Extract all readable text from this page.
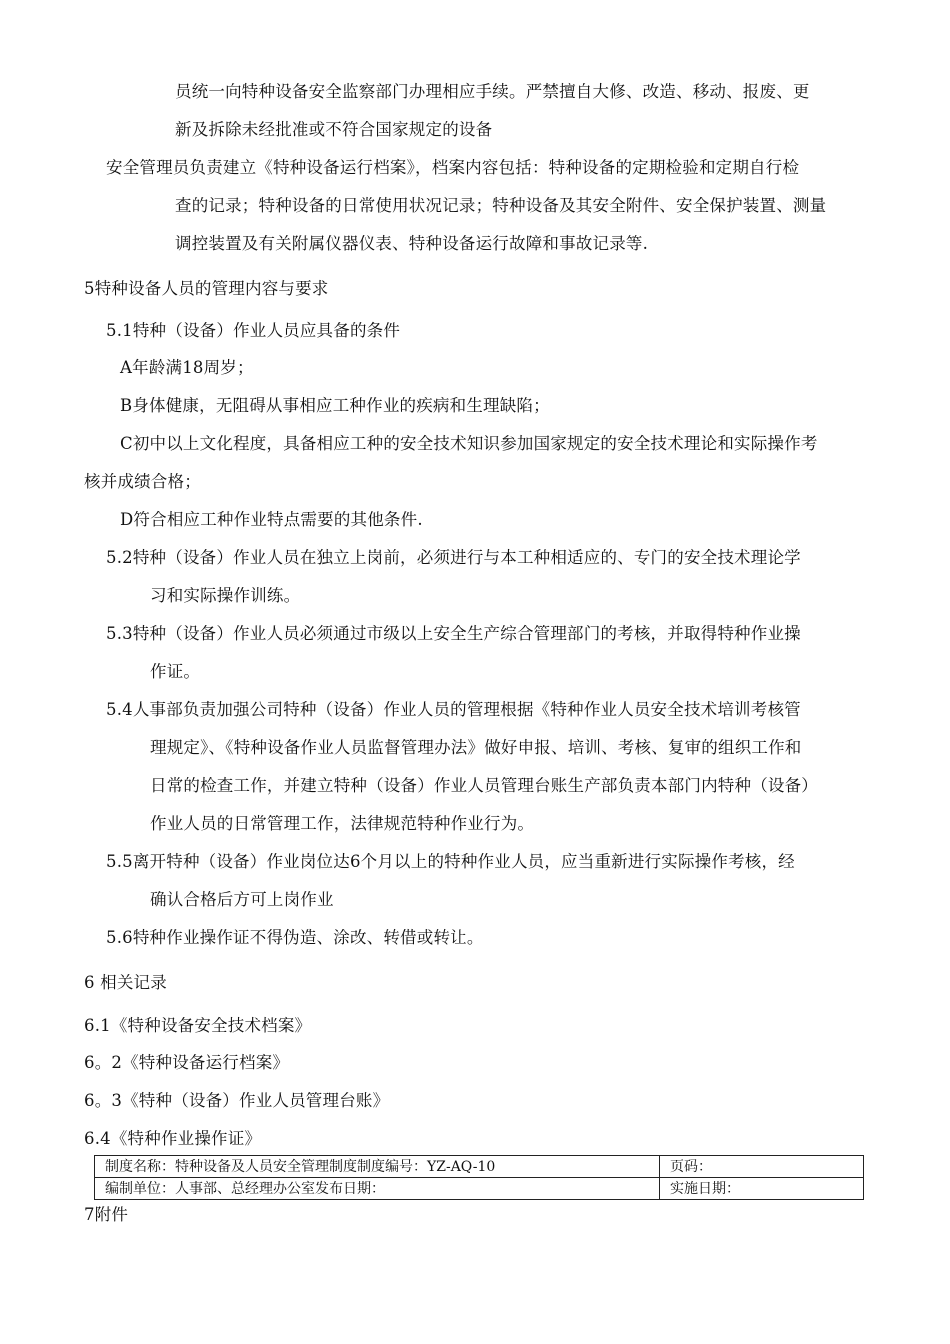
员统一向特种设备安全监察部门办理相应手续。严禁擅自大修、改造、移动、报废、更
新及拆除未经批准或不符合国家规定的设备
安全管理员负责建立《特种设备运行档案》，档案内容包括：特种设备的定期检验和定期自行检
查的记录；特种设备的日常使用状况记录；特种设备及其安全附件、安全保护装置、测量
调控装置及有关附属仪器仪表、特种设备运行故障和事故记录等.
5特种设备人员的管理内容与要求
5.1特种（设备）作业人员应具备的条件
A年龄满18周岁；
B身体健康，无阻碍从事相应工种作业的疾病和生理缺陷；
C初中以上文化程度，具备相应工种的安全技术知识参加国家规定的安全技术理论和实际操作考
核并成绩合格；
D符合相应工种作业特点需要的其他条件.
5.2特种（设备）作业人员在独立上岗前，必须进行与本工种相适应的、专门的安全技术理论学
习和实际操作训练。
5.3特种（设备）作业人员必须通过市级以上安全生产综合管理部门的考核，并取得特种作业操
作证。
5.4人事部负责加强公司特种（设备）作业人员的管理根据《特种作业人员安全技术培训考核管
理规定》、《特种设备作业人员监督管理办法》做好申报、培训、考核、复审的组织工作和
日常的检查工作，并建立特种（设备）作业人员管理台账生产部负责本部门内特种（设备）
作业人员的日常管理工作，法律规范特种作业行为。
5.5离开特种（设备）作业岗位达6个月以上的特种作业人员，应当重新进行实际操作考核，经
确认合格后方可上岗作业
5.6特种作业操作证不得伪造、涂改、转借或转让。
6 相关记录
6.1《特种设备安全技术档案》
6。2《特种设备运行档案》
6。3《特种（设备）作业人员管理台账》
6.4《特种作业操作证》
制度名称：特种设备及人员安全管理制度制度编号：YZ-AQ-10	页码：
编制单位：人事部、总经理办公室发布日期：	实施日期：
7附件
